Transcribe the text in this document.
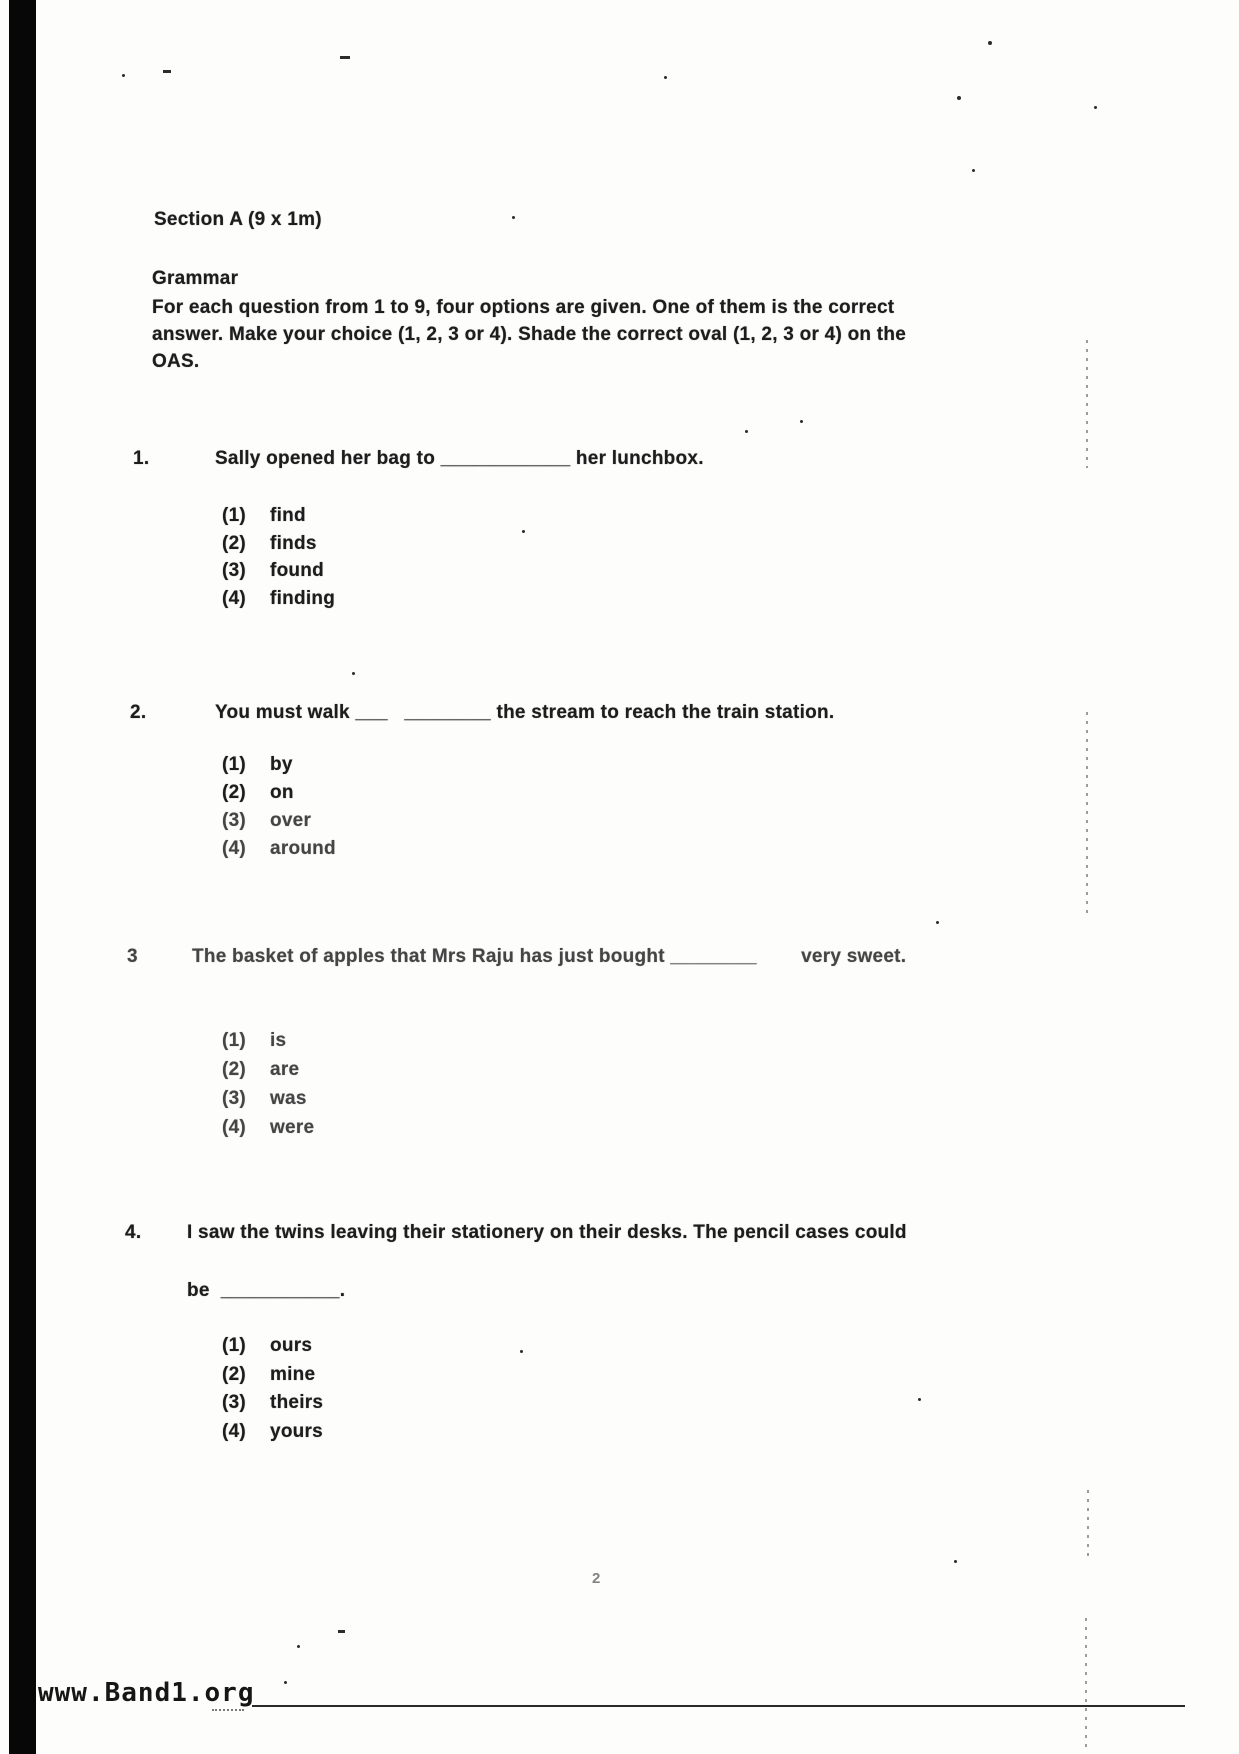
Section A (9 x 1m)
Grammar
For each question from 1 to 9, four options are given. One of them is the correct
answer. Make your choice (1, 2, 3 or 4). Shade the correct oval (1, 2, 3 or 4) on the
OAS.
1.	Sally opened her bag to ____________ her lunchbox.
(1) find
(2) finds
(3) found
(4) finding
2.	You must walk ___   ________ the stream to reach the train station.
(1) by
(2) on
(3) over
(4) around
3	The basket of apples that Mrs Raju has just bought ________        very sweet.
(1) is
(2) are
(3) was
(4) were
4.	I saw the twins leaving their stationery on their desks. The pencil cases could
be  ___________.
(1) ours
(2) mine
(3) theirs
(4) yours
2
www.Band1.org
